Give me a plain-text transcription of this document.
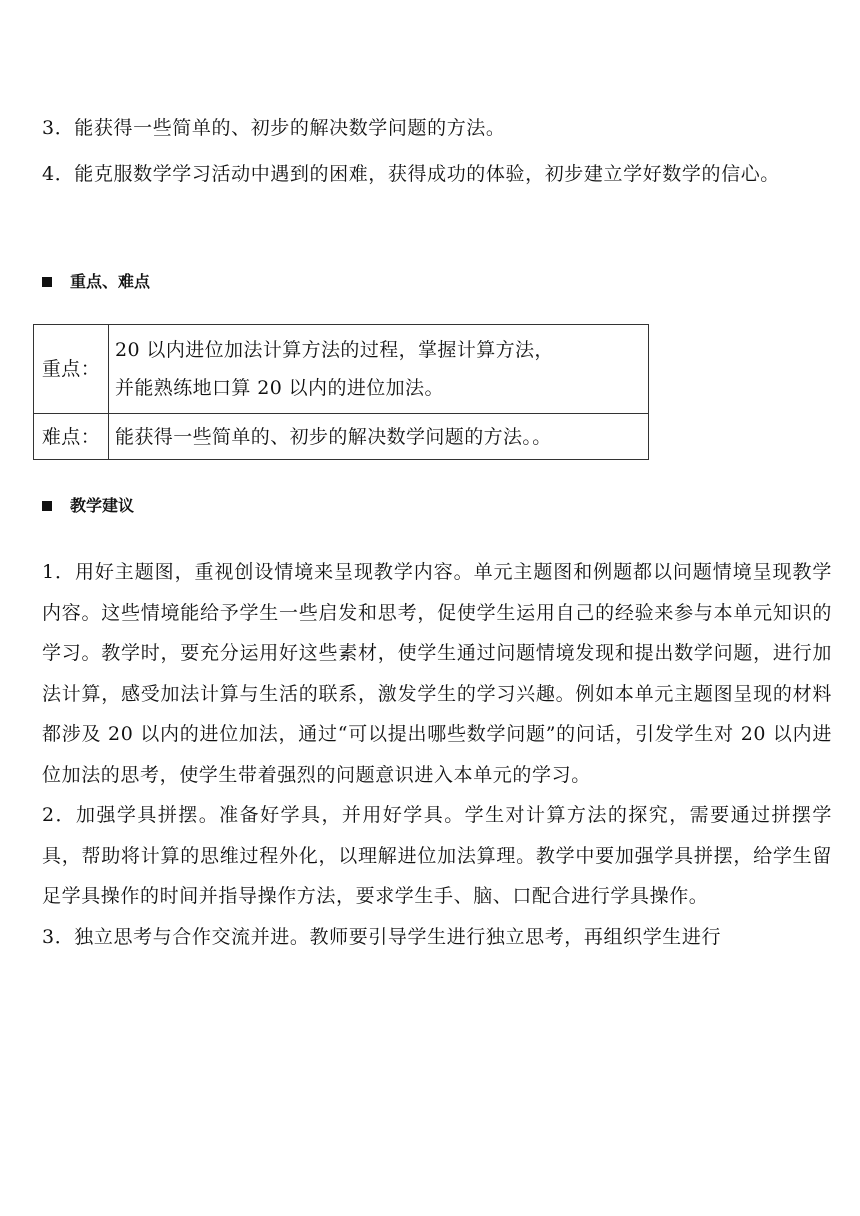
3．能获得一些简单的、初步的解决数学问题的方法。

4．能克服数学学习活动中遇到的困难，获得成功的体验，初步建立学好数学的信心。

重点、难点
重点：	20 以内进位加法计算方法的过程，掌握计算方法，
并能熟练地口算 20 以内的进位加法。

难点：	能获得一些简单的、初步的解决数学问题的方法。。
教学建议

1．用好主题图，重视创设情境来呈现教学内容。单元主题图和例题都以问题情境呈现教学内容。这些情境能给予学生一些启发和思考，促使学生运用自己的经验来参与本单元知识的学习。教学时，要充分运用好这些素材，使学生通过问题情境发现和提出数学问题，进行加法计算，感受加法计算与生活的联系，激发学生的学习兴趣。例如本单元主题图呈现的材料都涉及 20 以内的进位加法，通过“可以提出哪些数学问题”的问话，引发学生对 20 以内进位加法的思考，使学生带着强烈的问题意识进入本单元的学习。

2．加强学具拼摆。准备好学具，并用好学具。学生对计算方法的探究，需要通过拼摆学具，帮助将计算的思维过程外化，以理解进位加法算理。教学中要加强学具拼摆，给学生留足学具操作的时间并指导操作方法，要求学生手、脑、口配合进行学具操作。

3．独立思考与合作交流并进。教师要引导学生进行独立思考，再组织学生进行
